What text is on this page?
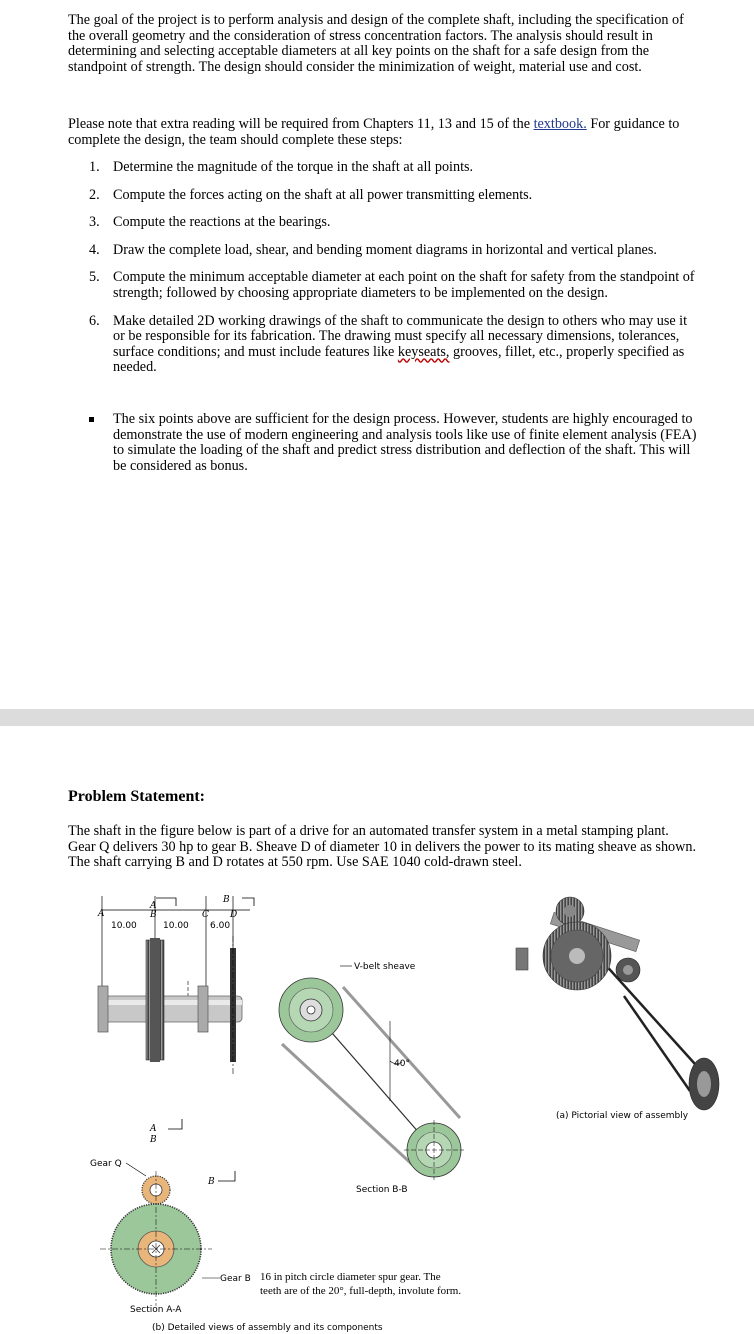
The goal of the project is to perform analysis and design of the complete shaft, including the specification of the overall geometry and the consideration of stress concentration factors. The analysis should result in determining and selecting acceptable diameters at all key points on the shaft for a safe design from the standpoint of strength. The design should consider the minimization of weight, material use and cost.

Please note that extra reading will be required from Chapters 11, 13 and 15 of the textbook. For guidance to complete the design, the team should complete these steps:

1. Determine the magnitude of the torque in the shaft at all points.
2. Compute the forces acting on the shaft at all power transmitting elements.
3. Compute the reactions at the bearings.
4. Draw the complete load, shear, and bending moment diagrams in horizontal and vertical planes.
5. Compute the minimum acceptable diameter at each point on the shaft for safety from the standpoint of strength; followed by choosing appropriate diameters to be implemented on the design.
6. Make detailed 2D working drawings of the shaft to communicate the design to others who may use it or be responsible for its fabrication. The drawing must specify all necessary dimensions, tolerances, surface conditions; and must include features like keyseats, grooves, fillet, etc., properly specified as needed.
The six points above are sufficient for the design process. However, students are highly encouraged to demonstrate the use of modern engineering and analysis tools like use of finite element analysis (FEA) to simulate the loading of the shaft and predict stress distribution and deflection of the shaft. This will be considered as bonus.

Problem Statement:

The shaft in the figure below is part of a drive for an automated transfer system in a metal stamping plant. Gear Q delivers 30 hp to gear B. Sheave D of diameter 10 in delivers the power to its mating sheave as shown. The shaft carrying B and D rotates at 550 rpm. Use SAE 1040 cold-drawn steel.

A
B
A	B	C D
10.00	10.00 6.00
A
B
B
Gear Q
Gear B 16 in pitch circle diameter spur gear. The
teeth are of the 20°, full-depth, involute form.
Section A-A
40°
V-belt sheave
Section B-B
(a) Pictorial view of assembly
(b) Detailed views of assembly and its components
